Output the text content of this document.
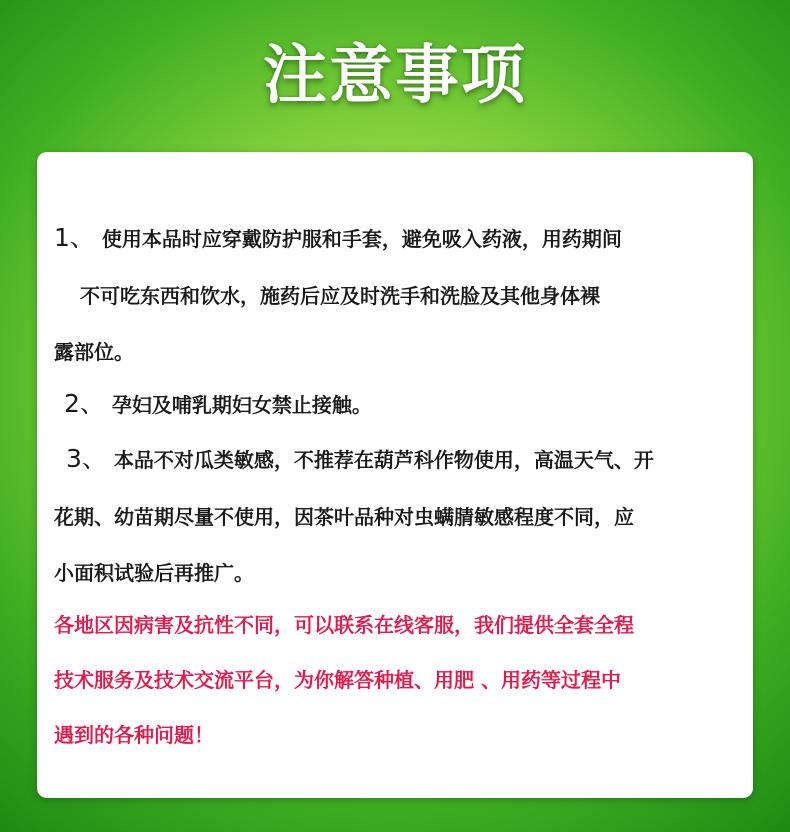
注意事项
1、 使用本品时应穿戴防护服和手套，避免吸入药液，用药期间
不可吃东西和饮水，施药后应及时洗手和洗脸及其他身体裸
露部位。
2、 孕妇及哺乳期妇女禁止接触。
3、 本品不对瓜类敏感，不推荐在葫芦科作物使用，高温天气、开
花期、幼苗期尽量不使用，因茶叶品种对虫螨腈敏感程度不同，应
小面积试验后再推广。
各地区因病害及抗性不同，可以联系在线客服，我们提供全套全程
技术服务及技术交流平台，为你解答种植、用肥 、用药等过程中
遇到的各种问题！
